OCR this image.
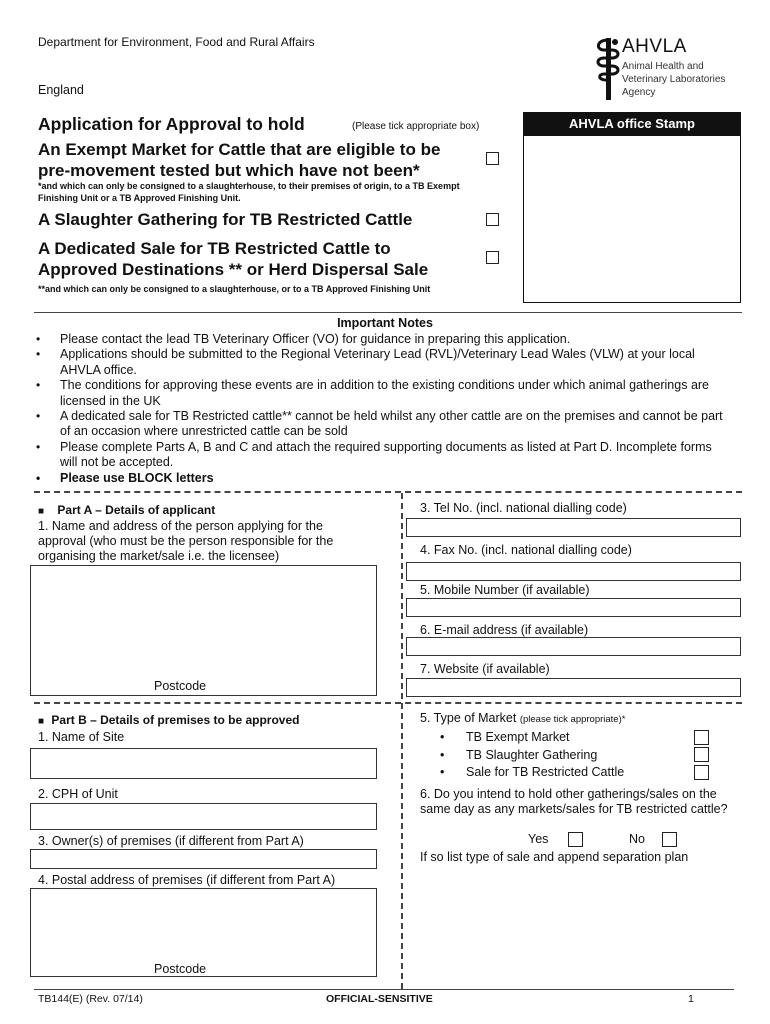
Department for Environment, Food and Rural Affairs
England
AHVLA
Animal Health and
Veterinary Laboratories
Agency
Application for Approval to hold	(Please tick appropriate box)	AHVLA office Stamp
An Exempt Market for Cattle that are eligible to be
pre-movement tested but which have not been*
*and which can only be consigned to a slaughterhouse, to their premises of origin, to a TB Exempt Finishing Unit or a TB Approved Finishing Unit.
A Slaughter Gathering for TB Restricted Cattle
A Dedicated Sale for TB Restricted Cattle to
Approved Destinations ** or Herd Dispersal Sale
**and which can only be consigned to a slaughterhouse, or to a TB Approved Finishing Unit
Important Notes
• Please contact the lead TB Veterinary Officer (VO) for guidance in preparing this application.
• Applications should be submitted to the Regional Veterinary Lead (RVL)/Veterinary Lead Wales (VLW) at your local AHVLA office.
• The conditions for approving these events are in addition to the existing conditions under which animal gatherings are licensed in the UK
• A dedicated sale for TB Restricted cattle** cannot be held whilst any other cattle are on the premises and cannot be part of an occasion where unrestricted cattle can be sold
• Please complete Parts A, B and C and attach the required supporting documents as listed at Part D. Incomplete forms will not be accepted.
• Please use BLOCK letters
■ Part A – Details of applicant
1. Name and address of the person applying for the approval (who must be the person responsible for the organising the market/sale i.e. the licensee)
Postcode
3. Tel No. (incl. national dialling code)
4. Fax No. (incl. national dialling code)
5. Mobile Number (if available)
6. E-mail address (if available)
7. Website (if available)
■ Part B – Details of premises to be approved
1. Name of Site
2. CPH of Unit
3. Owner(s) of premises (if different from Part A)
4. Postal address of premises (if different from Part A)
Postcode
5. Type of Market (please tick appropriate)*
• TB Exempt Market
• TB Slaughter Gathering
• Sale for TB Restricted Cattle
6. Do you intend to hold other gatherings/sales on the same day as any markets/sales for TB restricted cattle?
Yes	No
If so list type of sale and append separation plan
TB144(E) (Rev. 07/14)	OFFICIAL-SENSITIVE	1
